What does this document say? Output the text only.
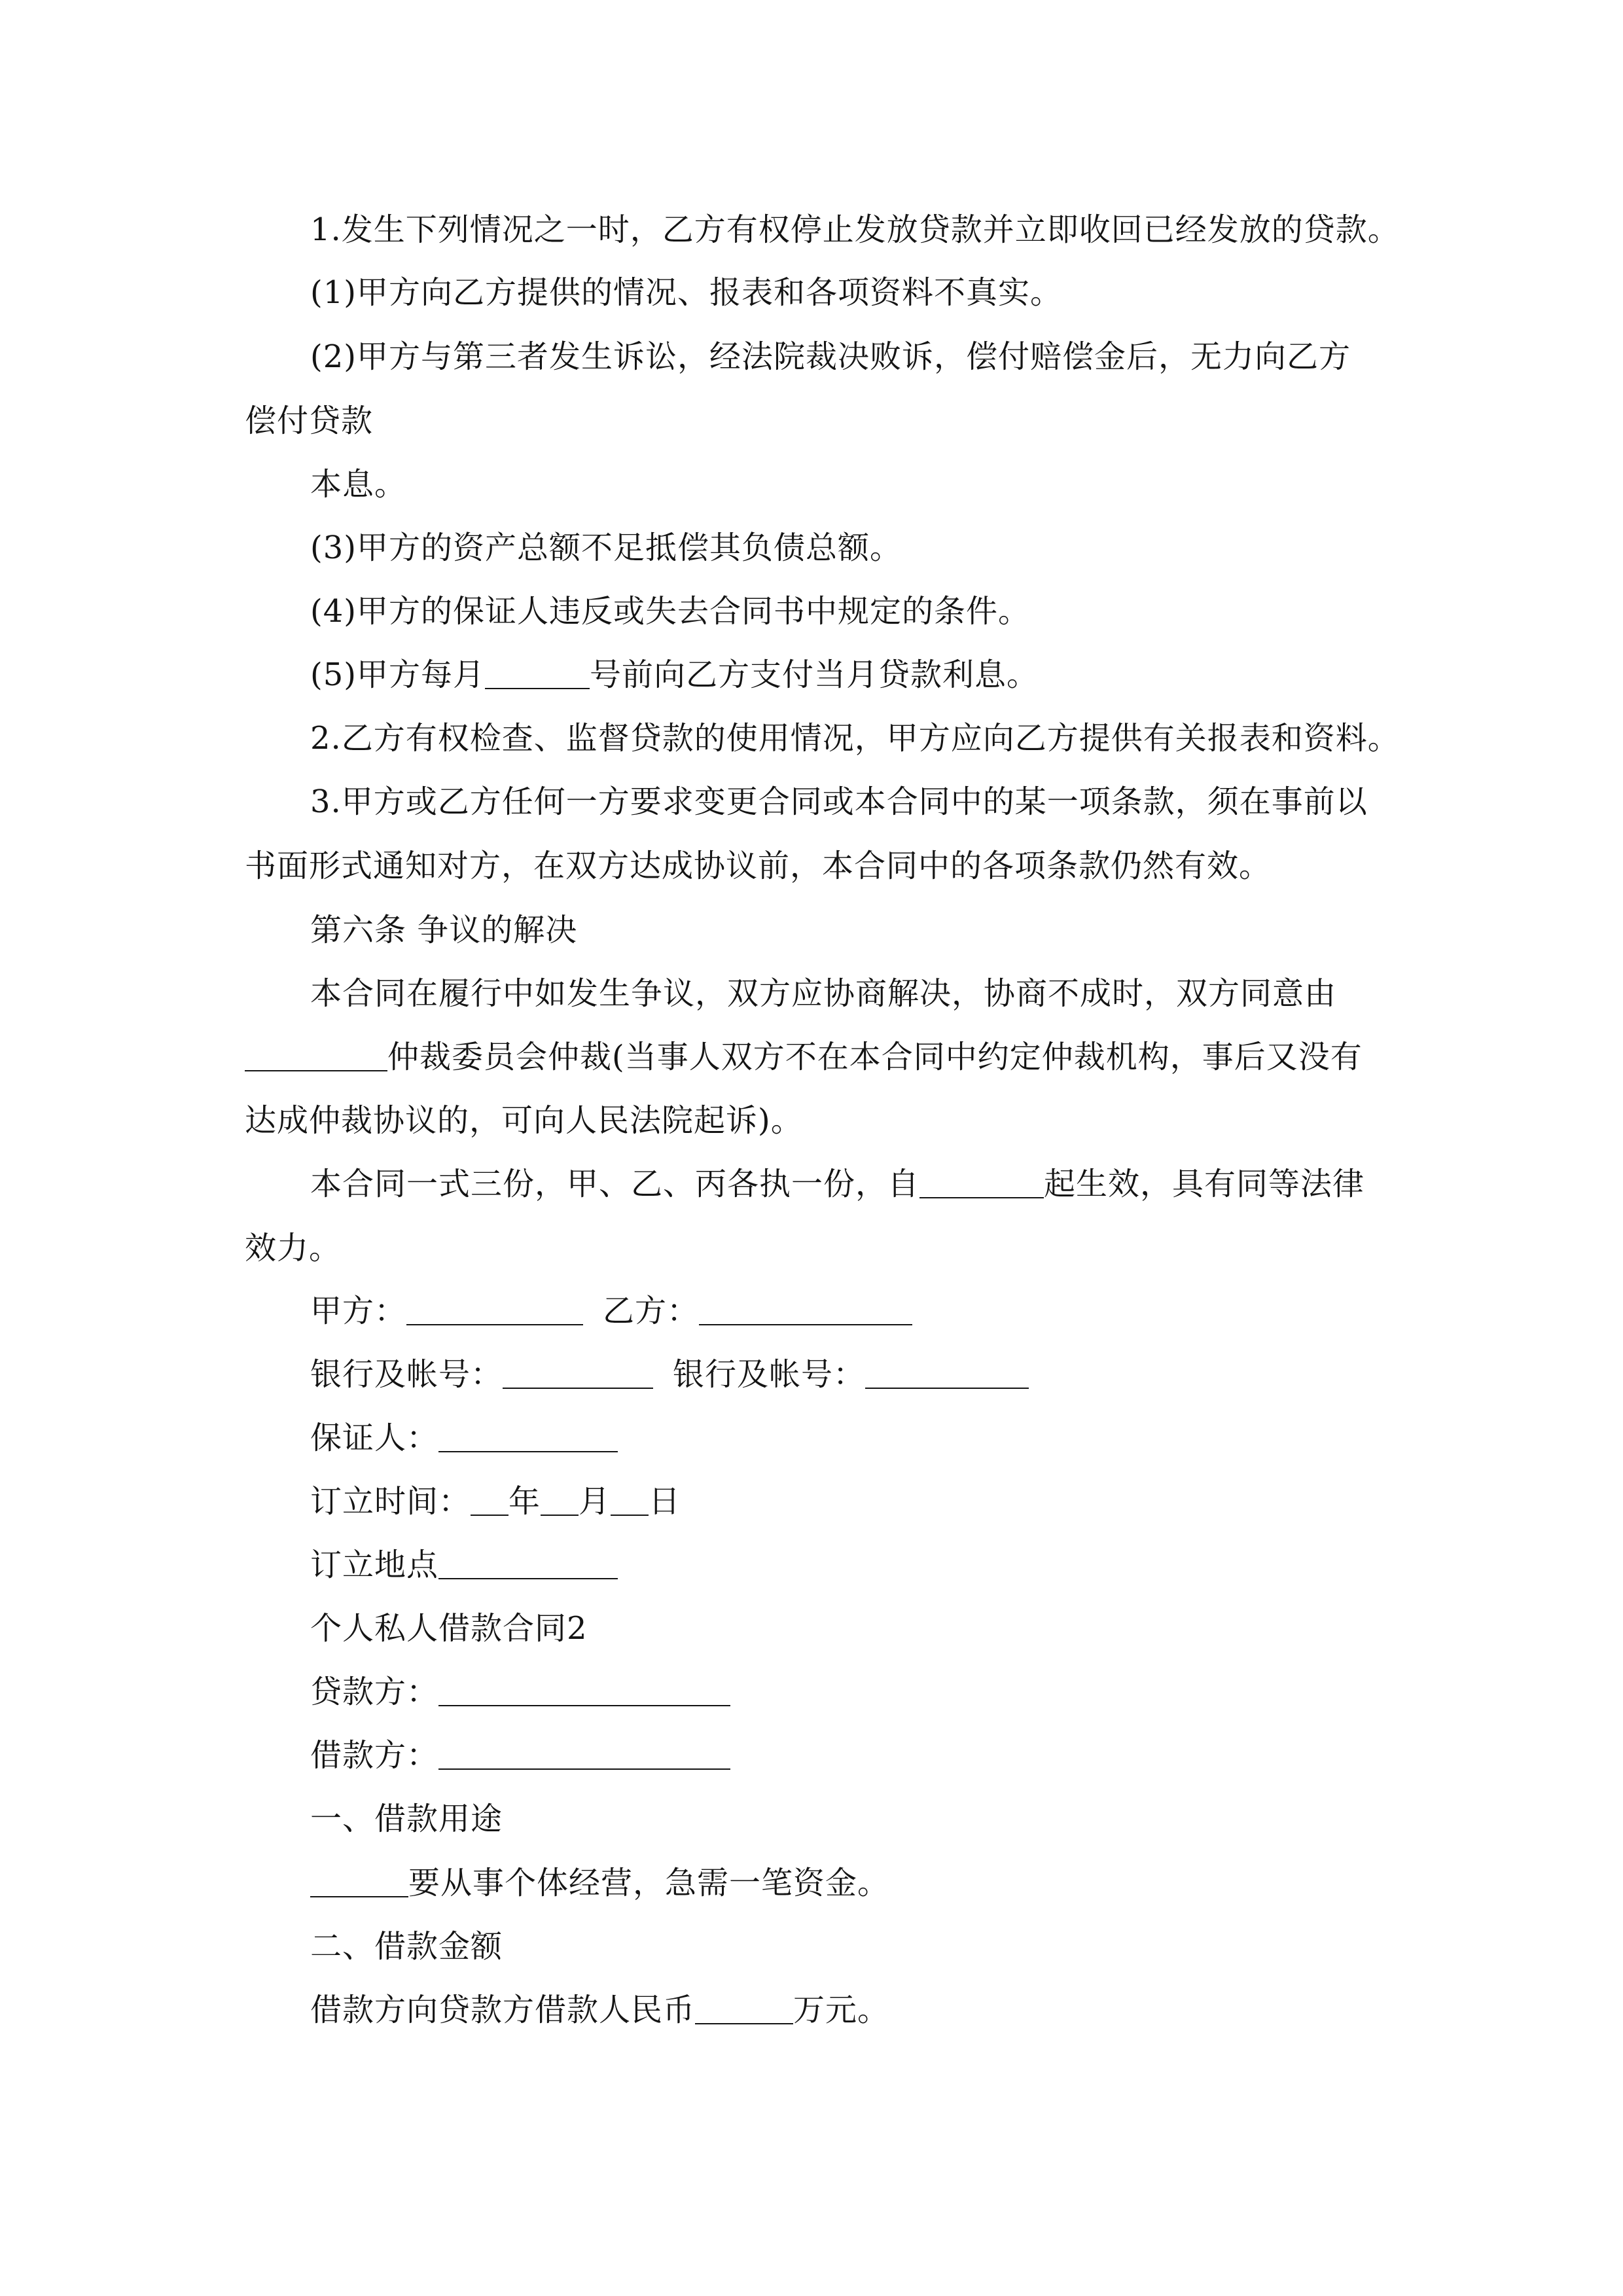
1.发生下列情况之一时，乙方有权停止发放贷款并立即收回已经发放的贷款。
(1)甲方向乙方提供的情况、报表和各项资料不真实。
(2)甲方与第三者发生诉讼，经法院裁决败诉，偿付赔偿金后，无力向乙方
偿付贷款
本息。
(3)甲方的资产总额不足抵偿其负债总额。
(4)甲方的保证人违反或失去合同书中规定的条件。
(5)甲方每月	号前向乙方支付当月贷款利息。
2.乙方有权检查、监督贷款的使用情况，甲方应向乙方提供有关报表和资料。
3.甲方或乙方任何一方要求变更合同或本合同中的某一项条款，须在事前以
书面形式通知对方，在双方达成协议前，本合同中的各项条款仍然有效。
第六条 争议的解决
本合同在履行中如发生争议，双方应协商解决，协商不成时，双方同意由
仲裁委员会仲裁(当事人双方不在本合同中约定仲裁机构，事后又没有
达成仲裁协议的，可向人民法院起诉)。
本合同一式三份，甲、乙、丙各执一份，自	起生效，具有同等法律
效力。
甲方：	乙方：
银行及帐号：	银行及帐号：
保证人：
订立时间： 年 月 日
订立地点
个人私人借款合同2
贷款方：
借款方：
一、借款用途
要从事个体经营，急需一笔资金。
二、借款金额
借款方向贷款方借款人民币	万元。
